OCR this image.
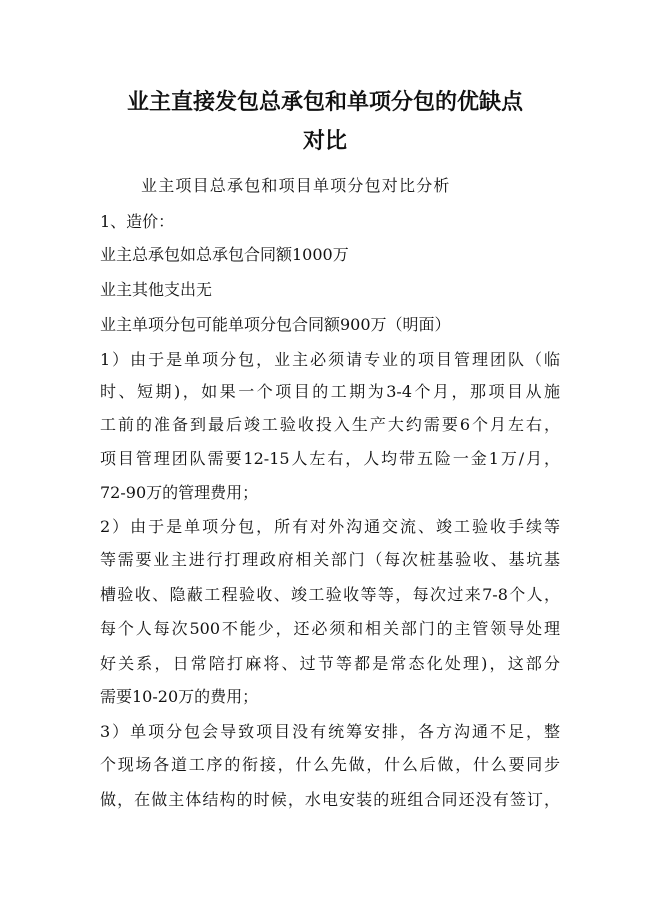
业主直接发包总承包和单项分包的优缺点
对比
业主项目总承包和项目单项分包对比分析
1、造价：
业主总承包如总承包合同额1000万
业主其他支出无
业主单项分包可能单项分包合同额900万（明面）
1）由于是单项分包，业主必须请专业的项目管理团队（临
时、短期)，如果一个项目的工期为3-4个月，那项目从施
工前的准备到最后竣工验收投入生产大约需要6个月左右，
项目管理团队需要12-15人左右，人均带五险一金1万/月，
72-90万的管理费用；
2）由于是单项分包，所有对外沟通交流、竣工验收手续等
等需要业主进行打理政府相关部门（每次桩基验收、基坑基
槽验收、隐蔽工程验收、竣工验收等等，每次过来7-8个人，
每个人每次500不能少，还必须和相关部门的主管领导处理
好关系，日常陪打麻将、过节等都是常态化处理)，这部分
需要10-20万的费用；
3）单项分包会导致项目没有统筹安排，各方沟通不足，整
个现场各道工序的衔接，什么先做，什么后做，什么要同步
做，在做主体结构的时候，水电安装的班组合同还没有签订，
